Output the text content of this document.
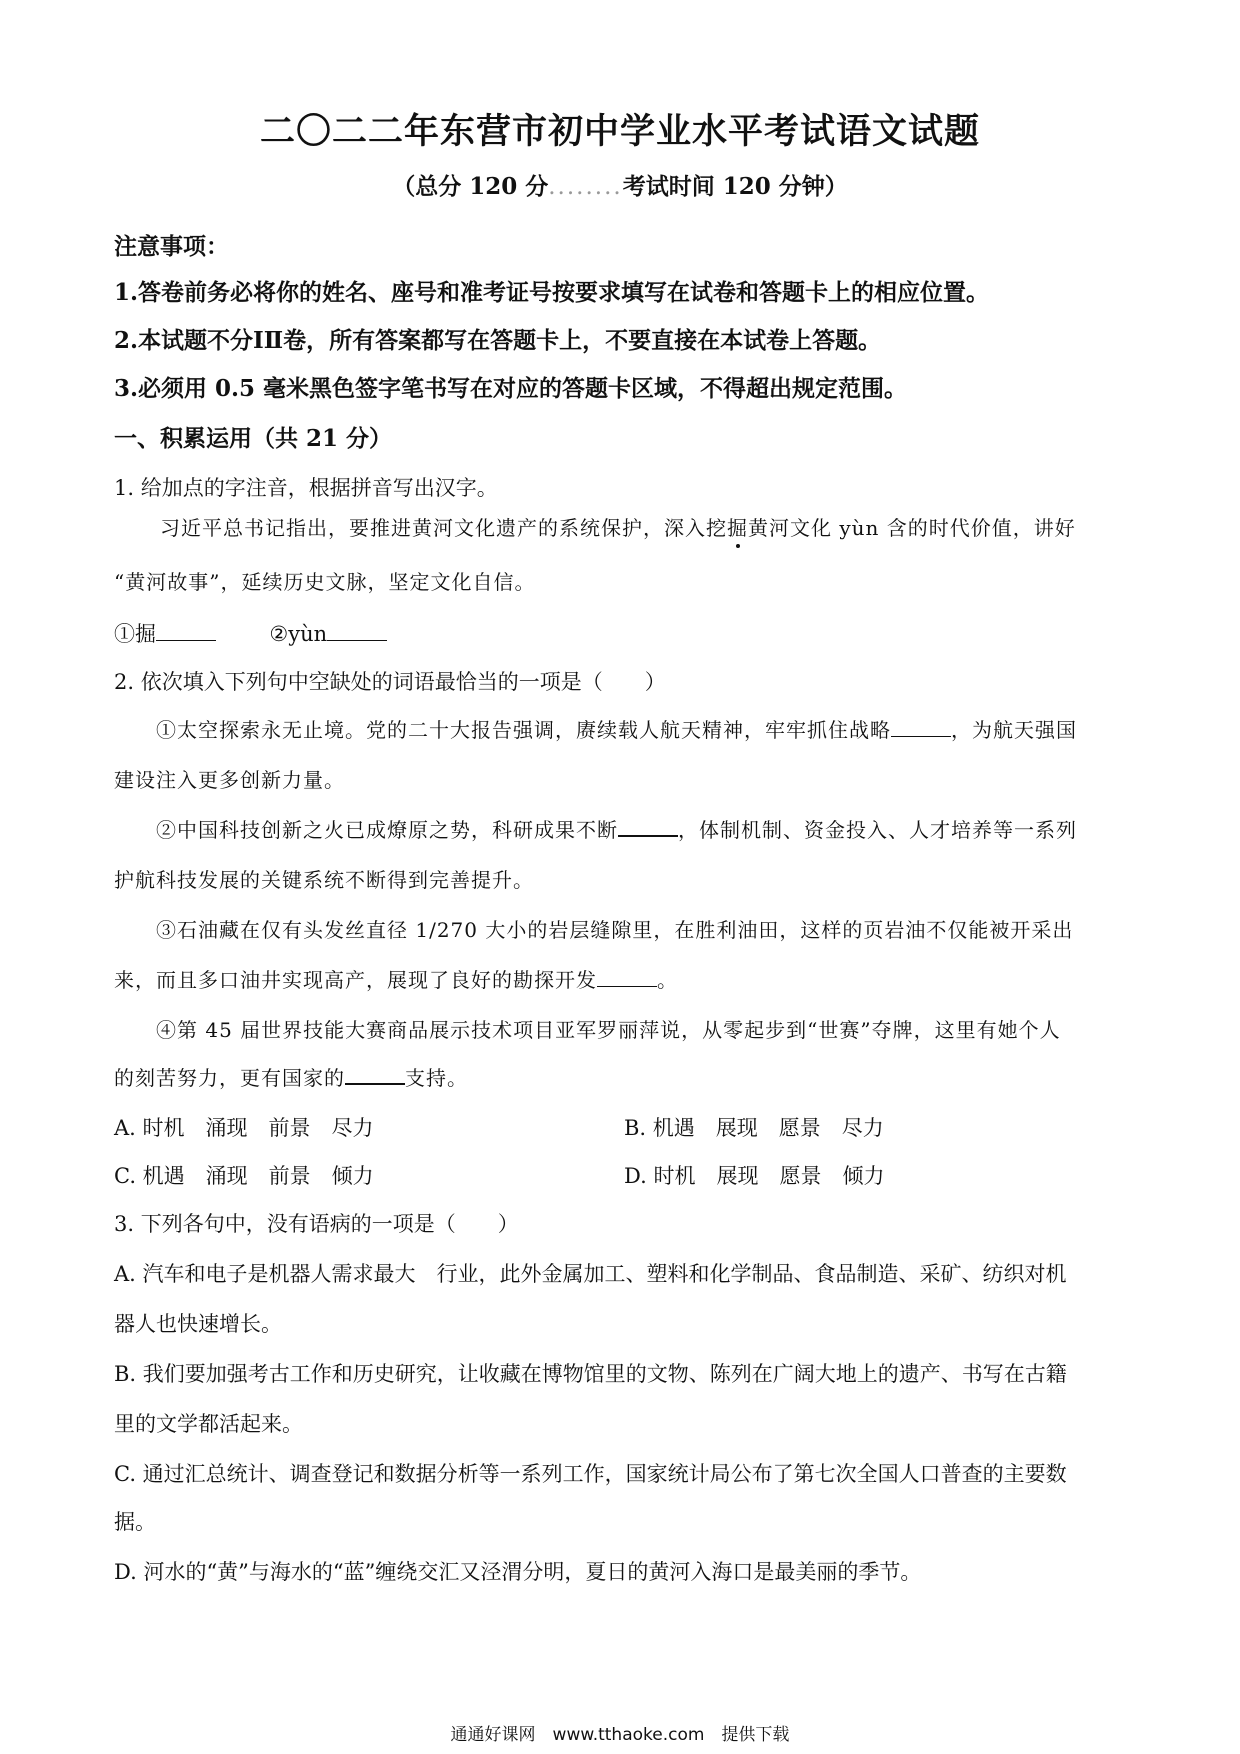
二〇二二年东营市初中学业水平考试语文试题
（总分 120 分........考试时间 120 分钟）
注意事项：
1.答卷前务必将你的姓名、座号和准考证号按要求填写在试卷和答题卡上的相应位置。
2.本试题不分ⅠⅡ卷，所有答案都写在答题卡上，不要直接在本试卷上答题。
3.必须用 0.5 毫米黑色签字笔书写在对应的答题卡区域，不得超出规定范围。
一、积累运用（共 21 分）
1. 给加点的字注音，根据拼音写出汉字。
习近平总书记指出，要推进黄河文化遗产的系统保护，深入挖掘黄河文化 yùn 含的时代价值，讲好
“黄河故事”，延续历史文脉，坚定文化自信。
①掘	②yùn
2. 依次填入下列句中空缺处的词语最恰当的一项是（　　）
①太空探索永无止境。党的二十大报告强调，赓续载人航天精神，牢牢抓住战略	，为航天强国
建设注入更多创新力量。
②中国科技创新之火已成燎原之势，科研成果不断	，体制机制、资金投入、人才培养等一系列
护航科技发展的关键系统不断得到完善提升。
③石油藏在仅有头发丝直径 1/270 大小的岩层缝隙里，在胜利油田，这样的页岩油不仅能被开采出
来，而且多口油井实现高产，展现了良好的勘探开发	。
④第 45 届世界技能大赛商品展示技术项目亚军罗丽萍说，从零起步到“世赛”夺牌，这里有她个人
的刻苦努力，更有国家的	支持。
A. 时机　涌现　前景　尽力	B. 机遇　展现　愿景　尽力
C. 机遇　涌现　前景　倾力	D. 时机　展现　愿景　倾力
3. 下列各句中，没有语病的一项是（　　）
A. 汽车和电子是机器人需求最大　行业，此外金属加工、塑料和化学制品、食品制造、采矿、纺织对机
器人也快速增长。
B. 我们要加强考古工作和历史研究，让收藏在博物馆里的文物、陈列在广阔大地上的遗产、书写在古籍
里的文学都活起来。
C. 通过汇总统计、调查登记和数据分析等一系列工作，国家统计局公布了第七次全国人口普查的主要数
据。
D. 河水的“黄”与海水的“蓝”缠绕交汇又泾渭分明，夏日的黄河入海口是最美丽的季节。
通通好课网　www.tthaoke.com　提供下载
